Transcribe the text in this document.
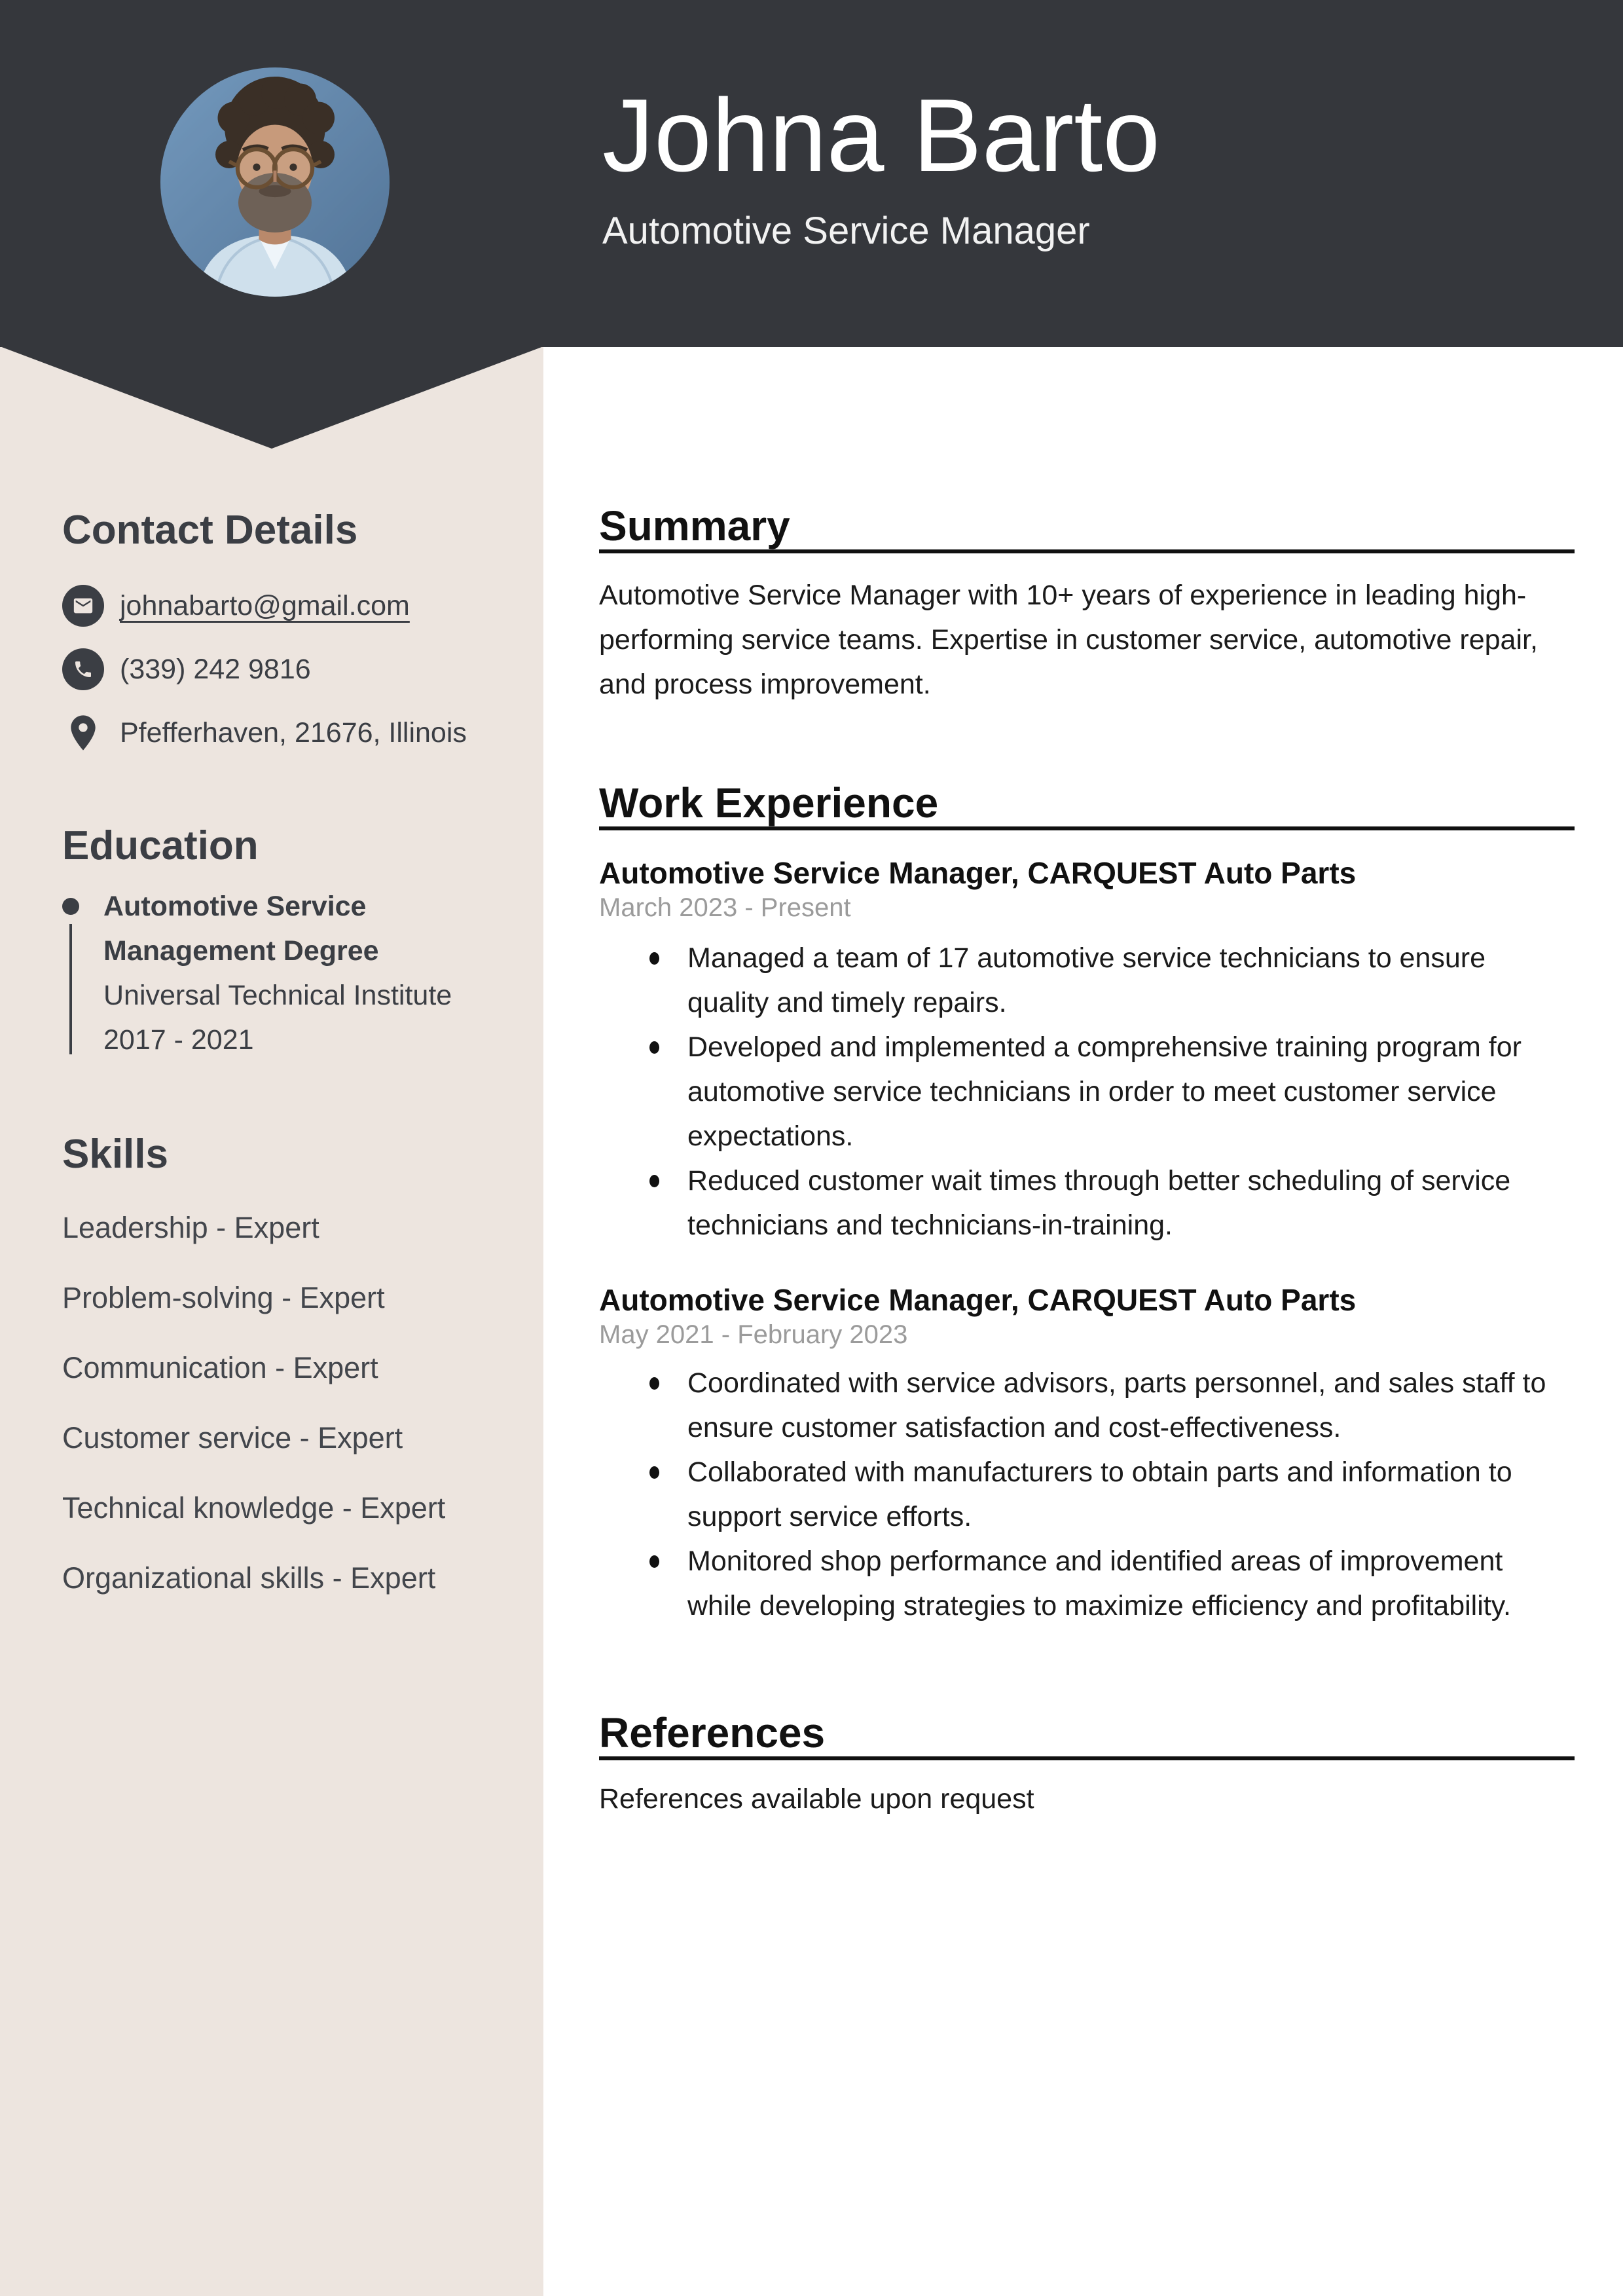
Johna Barto
Automotive Service Manager
Contact Details
johnabarto@gmail.com
(339) 242 9816
Pfefferhaven, 21676, Illinois
Education
Automotive Service Management Degree
Universal Technical Institute
2017 - 2021
Skills
Leadership - Expert
Problem-solving - Expert
Communication - Expert
Customer service - Expert
Technical knowledge - Expert
Organizational skills - Expert
Summary

Automotive Service Manager with 10+ years of experience in leading high-performing service teams. Expertise in customer service, automotive repair, and process improvement.

Work Experience
Automotive Service Manager, CARQUEST Auto Parts
March 2023 - Present
Managed a team of 17 automotive service technicians to ensure quality and timely repairs.
Developed and implemented a comprehensive training program for automotive service technicians in order to meet customer service expectations.
Reduced customer wait times through better scheduling of service technicians and technicians-in-training.
Automotive Service Manager, CARQUEST Auto Parts
May 2021 - February 2023
Coordinated with service advisors, parts personnel, and sales staff to ensure customer satisfaction and cost-effectiveness.
Collaborated with manufacturers to obtain parts and information to support service efforts.
Monitored shop performance and identified areas of improvement while developing strategies to maximize efficiency and profitability.
References

References available upon request
